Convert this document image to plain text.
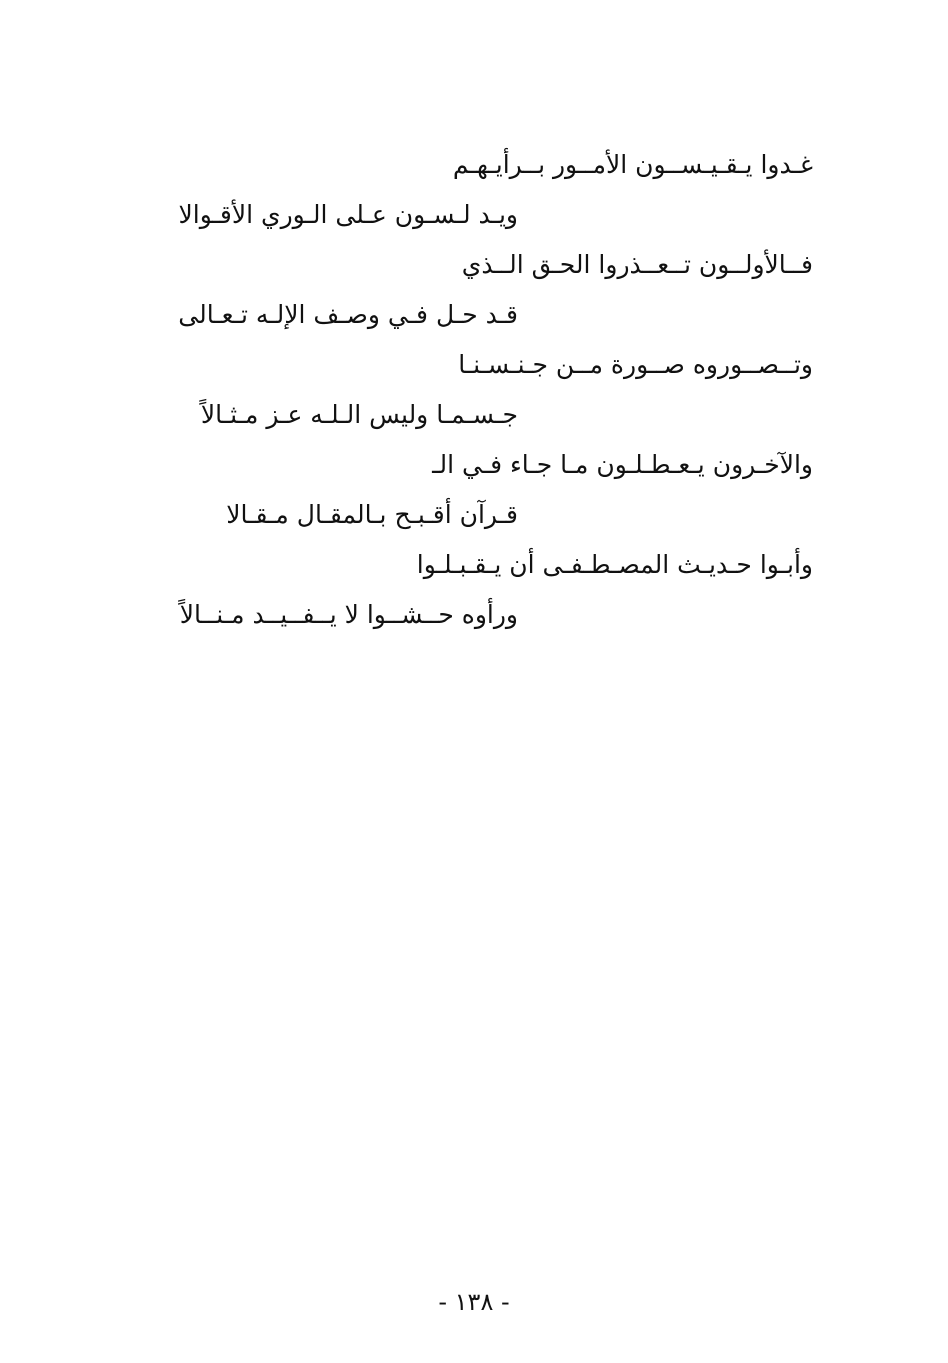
غـدوا يـقـيـســون الأمــور بــرأيـهـم
ويـد لـسـون عـلى الـوري الأقـوالا
فــالأولــون تــعــذروا الحـق الــذي
قـد حـل فـي وصـف الإلـه تـعـالى
وتــصــوروه صــورة مــن جـنـسـنـا
جـسـمـا وليس الـلـه عـز مـثـالاً
والآخـرون يـعـطـلـون مـا جـاء فـي الـ
قـرآن أقـبـح بـالمقـال مـقـالا
وأبـوا حـديـث المصـطـفـى أن يـقـبـلـوا
ورأوه حــشــوا لا يــفــيــد مـنــالاً
- ١٣٨ -
